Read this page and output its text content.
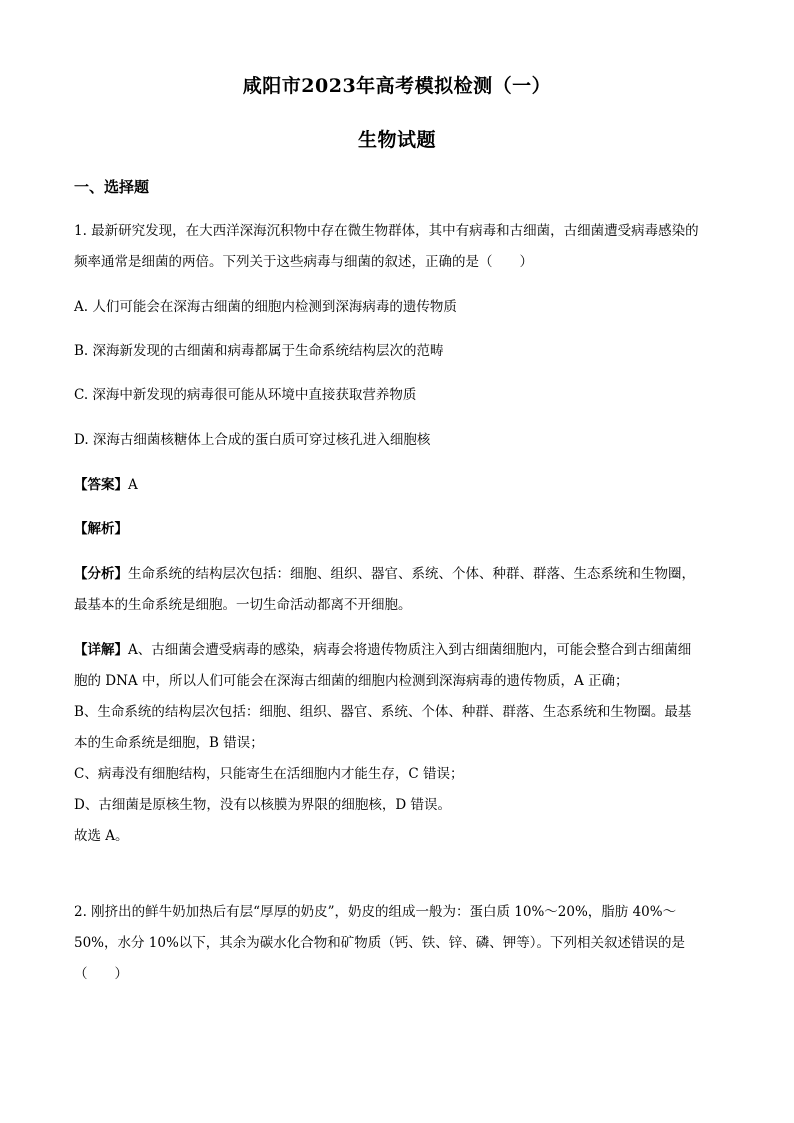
咸阳市2023年高考模拟检测（一）
生物试题
一、选择题
1. 最新研究发现，在大西洋深海沉积物中存在微生物群体，其中有病毒和古细菌，古细菌遭受病毒感染的
频率通常是细菌的两倍。下列关于这些病毒与细菌的叙述，正确的是（　　）
A. 人们可能会在深海古细菌的细胞内检测到深海病毒的遗传物质
B. 深海新发现的古细菌和病毒都属于生命系统结构层次的范畴
C. 深海中新发现的病毒很可能从环境中直接获取营养物质
D. 深海古细菌核糖体上合成的蛋白质可穿过核孔进入细胞核
【答案】A
【解析】
【分析】生命系统的结构层次包括：细胞、组织、器官、系统、个体、种群、群落、生态系统和生物圈，
最基本的生命系统是细胞。一切生命活动都离不开细胞。
【详解】A、古细菌会遭受病毒的感染，病毒会将遗传物质注入到古细菌细胞内，可能会整合到古细菌细
胞的 DNA 中，所以人们可能会在深海古细菌的细胞内检测到深海病毒的遗传物质，A 正确；
B、生命系统的结构层次包括：细胞、组织、器官、系统、个体、种群、群落、生态系统和生物圈。最基
本的生命系统是细胞，B 错误；
C、病毒没有细胞结构，只能寄生在活细胞内才能生存，C 错误；
D、古细菌是原核生物，没有以核膜为界限的细胞核，D 错误。
故选 A。
2. 刚挤出的鲜牛奶加热后有层“厚厚的奶皮”，奶皮的组成一般为：蛋白质 10%～20%，脂肪 40%～
50%，水分 10%以下，其余为碳水化合物和矿物质（钙、铁、锌、磷、钾等）。下列相关叙述错误的是
（　　）
